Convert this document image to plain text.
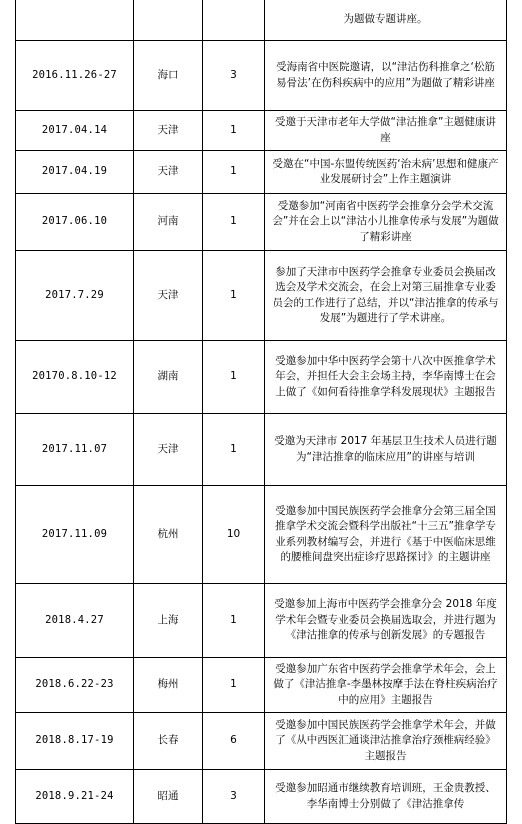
			为题做专题讲座。

2016.11.26-27	海口	3	受海南省中医院邀请，以“津沽伤科推拿之‘松筋易骨法’在伤科疾病中的应用”为题做了精彩讲座

2017.04.14	天津	1	受邀于天津市老年大学做“津沽推拿”主题健康讲座

2017.04.19	天津	1	受邀在“中国-东盟传统医药‘治未病’思想和健康产业发展研讨会”上作主题演讲

2017.06.10	河南	1	受邀参加“河南省中医药学会推拿分会学术交流会”并在会上以“津沽小儿推拿传承与发展”为题做了精彩讲座

2017.7.29	天津	1	参加了天津市中医药学会推拿专业委员会换届改选会及学术交流会，在会上对第三届推拿专业委员会的工作进行了总结，并以“津沽推拿的传承与发展”为题进行了学术讲座。

20170.8.10-12	湖南	1	受邀参加中华中医药学会第十八次中医推拿学术年会，并担任大会主会场主持，李华南博士在会上做了《如何看待推拿学科发展现状》主题报告

2017.11.07	天津	1	受邀为天津市 2017 年基层卫生技术人员进行题为“津沽推拿的临床应用”的讲座与培训

2017.11.09	杭州	10	受邀参加中国民族医药学会推拿分会第三届全国推拿学术交流会暨科学出版社“十三五”推拿学专业系列教材编写会，并进行《基于中医临床思维的腰椎间盘突出症诊疗思路探讨》的主题讲座

2018.4.27	上海	1	受邀参加上海市中医药学会推拿分会 2018 年度学术年会暨专业委员会换届选取会，并进行题为《津沽推拿的传承与创新发展》的专题报告

2018.6.22-23	梅州	1	受邀参加广东省中医药学会推拿学术年会，会上做了《津沽推拿-李墨林按摩手法在脊柱疾病治疗中的应用》主题报告

2018.8.17-19	长春	6	受邀参加中国民族医药学会推拿学术年会，并做了《从中西医汇通谈津沽推拿治疗颈椎病经验》主题报告

2018.9.21-24	昭通	3	受邀参加昭通市继续教育培训班，王金贵教授、李华南博士分别做了《津沽推拿传
